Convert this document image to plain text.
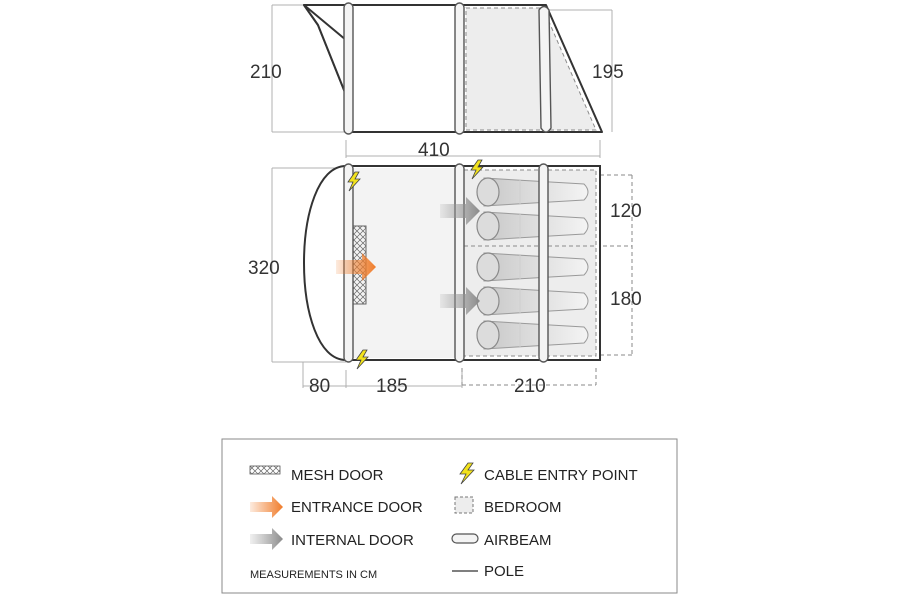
210	195
410
320
120
180
80 185	210
MESH DOOR
ENTRANCE DOOR
INTERNAL DOOR
MEASUREMENTS IN CM
CABLE ENTRY POINT
BEDROOM
AIRBEAM
POLE
